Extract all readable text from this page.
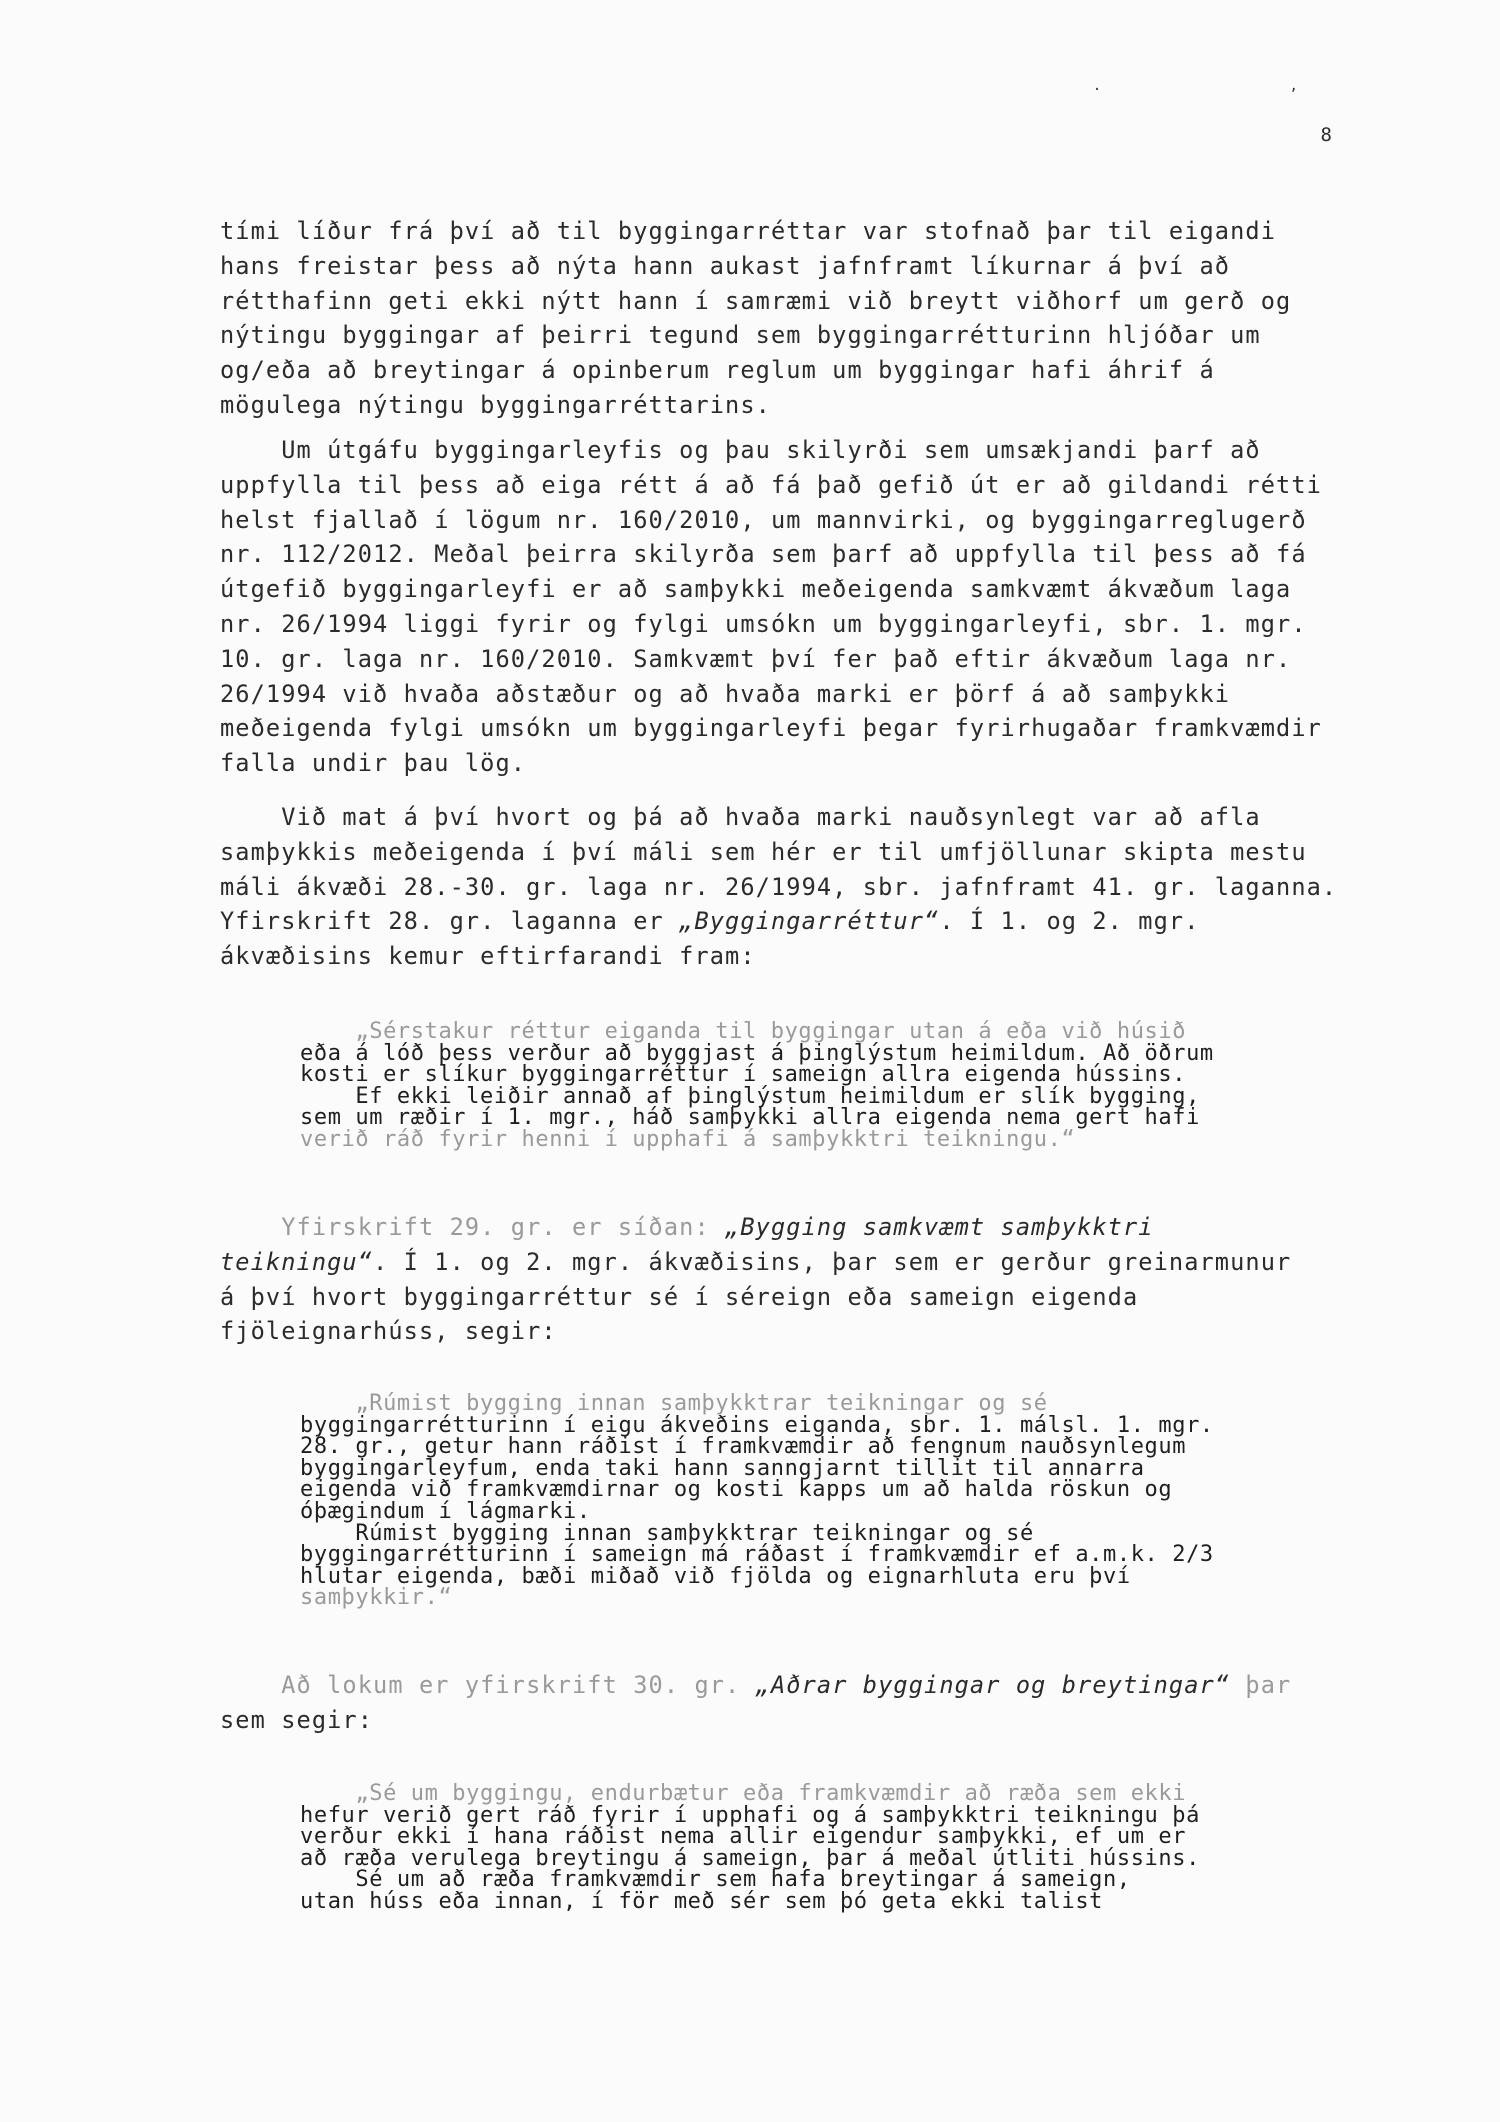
. ,
8
tími líður frá því að til byggingarréttar var stofnað þar til eigandi
hans freistar þess að nýta hann aukast jafnframt líkurnar á því að
rétthafinn geti ekki nýtt hann í samræmi við breytt viðhorf um gerð og
nýtingu byggingar af þeirri tegund sem byggingarrétturinn hljóðar um
og/eða að breytingar á opinberum reglum um byggingar hafi áhrif á
mögulega nýtingu byggingarréttarins.
Um útgáfu byggingarleyfis og þau skilyrði sem umsækjandi þarf að
uppfylla til þess að eiga rétt á að fá það gefið út er að gildandi rétti
helst fjallað í lögum nr. 160/2010, um mannvirki, og byggingarreglugerð
nr. 112/2012. Meðal þeirra skilyrða sem þarf að uppfylla til þess að fá
útgefið byggingarleyfi er að samþykki meðeigenda samkvæmt ákvæðum laga
nr. 26/1994 liggi fyrir og fylgi umsókn um byggingarleyfi, sbr. 1. mgr.
10. gr. laga nr. 160/2010. Samkvæmt því fer það eftir ákvæðum laga nr.
26/1994 við hvaða aðstæður og að hvaða marki er þörf á að samþykki
meðeigenda fylgi umsókn um byggingarleyfi þegar fyrirhugaðar framkvæmdir
falla undir þau lög.
Við mat á því hvort og þá að hvaða marki nauðsynlegt var að afla
samþykkis meðeigenda í því máli sem hér er til umfjöllunar skipta mestu
máli ákvæði 28.-30. gr. laga nr. 26/1994, sbr. jafnframt 41. gr. laganna.
Yfirskrift 28. gr. laganna er „Byggingarréttur“. Í 1. og 2. mgr.
ákvæðisins kemur eftirfarandi fram:
„Sérstakur réttur eiganda til byggingar utan á eða við húsið
eða á lóð þess verður að byggjast á þinglýstum heimildum. Að öðrum
kosti er slíkur byggingarréttur í sameign allra eigenda hússins.
Ef ekki leiðir annað af þinglýstum heimildum er slík bygging,
sem um ræðir í 1. mgr., háð samþykki allra eigenda nema gert hafi
verið ráð fyrir henni í upphafi á samþykktri teikningu.“
Yfirskrift 29. gr. er síðan: „Bygging samkvæmt samþykktri
teikningu“. Í 1. og 2. mgr. ákvæðisins, þar sem er gerður greinarmunur
á því hvort byggingarréttur sé í séreign eða sameign eigenda
fjöleignarhúss, segir:
„Rúmist bygging innan samþykktrar teikningar og sé
byggingarrétturinn í eigu ákveðins eiganda, sbr. 1. málsl. 1. mgr.
28. gr., getur hann ráðist í framkvæmdir að fengnum nauðsynlegum
byggingarleyfum, enda taki hann sanngjarnt tillit til annarra
eigenda við framkvæmdirnar og kosti kapps um að halda röskun og
óþægindum í lágmarki.
Rúmist bygging innan samþykktrar teikningar og sé
byggingarrétturinn í sameign má ráðast í framkvæmdir ef a.m.k. 2/3
hlutar eigenda, bæði miðað við fjölda og eignarhluta eru því
samþykkir.“
Að lokum er yfirskrift 30. gr. „Aðrar byggingar og breytingar“ þar
sem segir:
„Sé um byggingu, endurbætur eða framkvæmdir að ræða sem ekki
hefur verið gert ráð fyrir í upphafi og á samþykktri teikningu þá
verður ekki í hana ráðist nema allir eigendur samþykki, ef um er
að ræða verulega breytingu á sameign, þar á meðal útliti hússins.
Sé um að ræða framkvæmdir sem hafa breytingar á sameign,
utan húss eða innan, í för með sér sem þó geta ekki talist
